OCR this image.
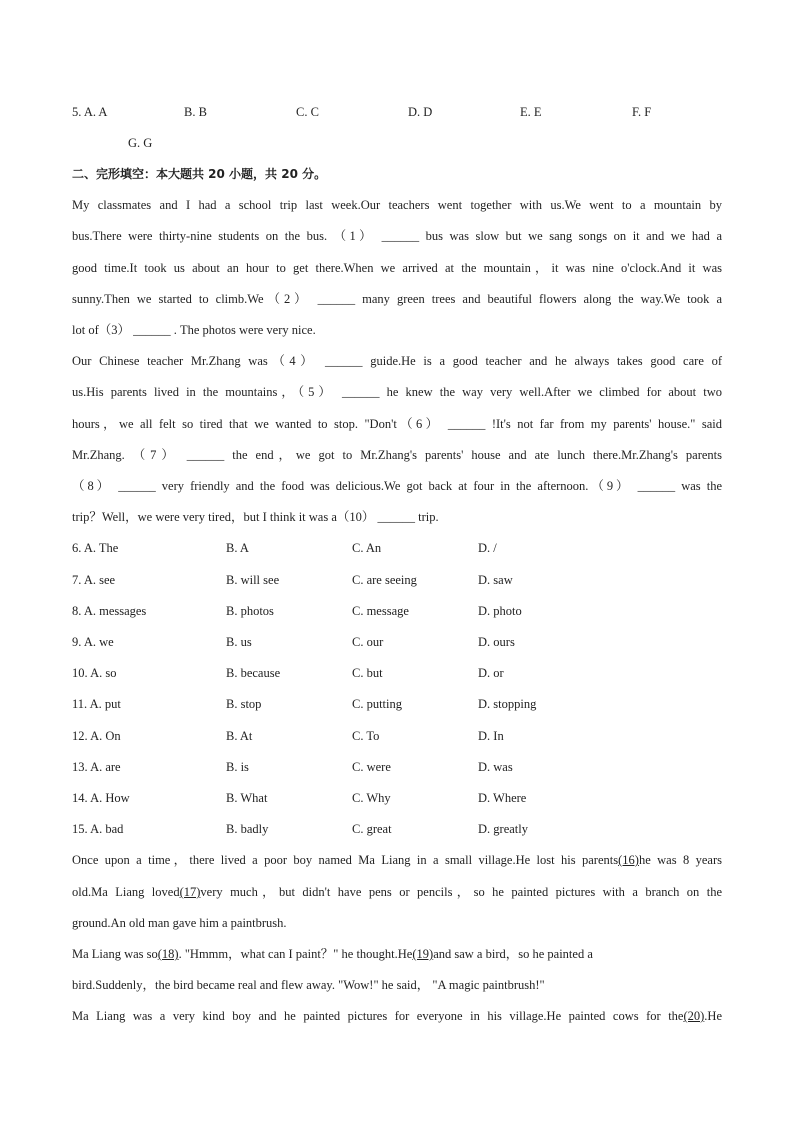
5. A. A	B. B	C. C	D. D	E. E	F. F
G. G
二、完形填空：本大题共 20 小题，共 20 分。
My classmates and I had a school trip last week.Our teachers went together with us.We went to a mountain by
bus.There were thirty-nine students on the bus. （1） ______ bus was slow but we sang songs on it and we had a
good time.It took us about an hour to get there.When we arrived at the mountain，it was nine o'clock.And it was
sunny.Then we started to climb.We（2） ______ many green trees and beautiful flowers along the way.We took a
lot of（3） ______ . The photos were very nice.
Our Chinese teacher Mr.Zhang was（4） ______ guide.He is a good teacher and he always takes good care of
us.His parents lived in the mountains，（5） ______ he knew the way very well.After we climbed for about two
hours，we all felt so tired that we wanted to stop. "Don't（6） ______ !It's not far from my parents' house." said
Mr.Zhang. （7） ______ the end，we got to Mr.Zhang's parents' house and ate lunch there.Mr.Zhang's parents
（8） ______ very friendly and the food was delicious.We got back at four in the afternoon.（9） ______ was the
trip？Well，we were very tired，but I think it was a（10） ______ trip.
6. A. The	B. A	C. An	D. /
7. A. see	B. will see	C. are seeing	D. saw
8. A. messages	B. photos	C. message	D. photo
9. A. we	B. us	C. our	D. ours
10. A. so	B. because	C. but	D. or
11. A. put	B. stop	C. putting	D. stopping
12. A. On	B. At	C. To	D. In
13. A. are	B. is	C. were	D. was
14. A. How	B. What	C. Why	D. Where
15. A. bad	B. badly	C. great	D. greatly
Once upon a time，there lived a poor boy named Ma Liang in a small village.He lost his parents(16)he was 8 years
old.Ma Liang loved(17)very much，but didn't have pens or pencils，so he painted pictures with a branch on the
ground.An old man gave him a paintbrush.
Ma Liang was so(18). "Hmmm，what can I paint？" he thought.He(19)and saw a bird，so he painted a
bird.Suddenly，the bird became real and flew away. "Wow!" he said， "A magic paintbrush!"
Ma Liang was a very kind boy and he painted pictures for everyone in his village.He painted cows for the(20).He
